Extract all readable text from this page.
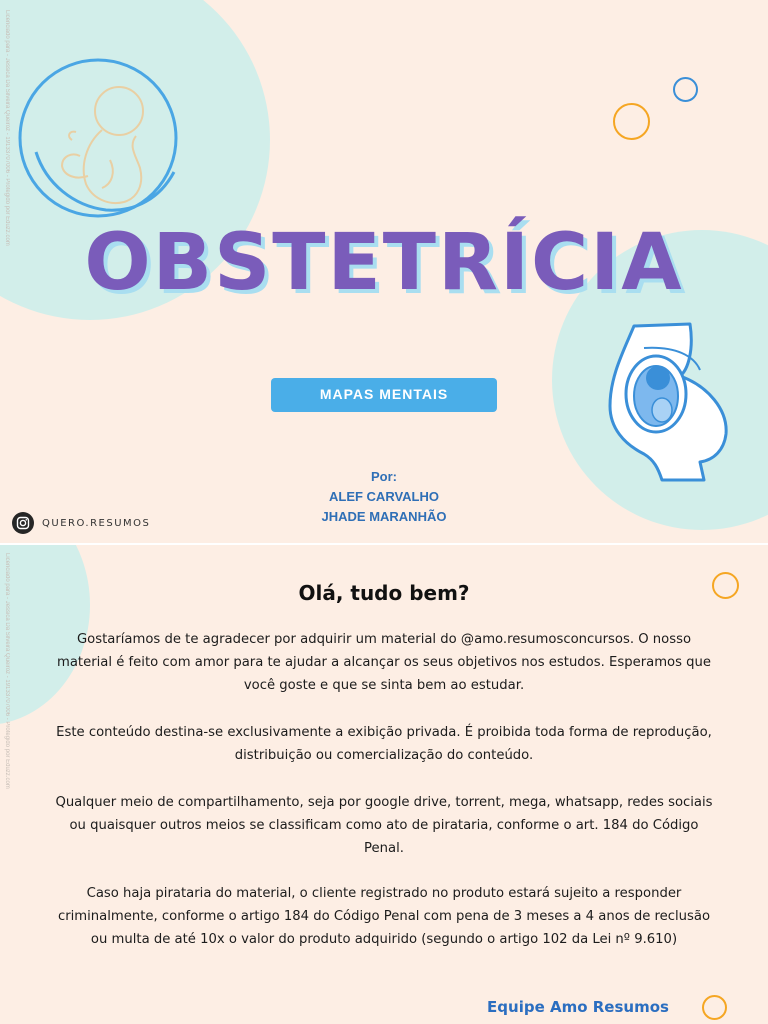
OBSTETRÍCIA
MAPAS MENTAIS
Por:
ALEF CARVALHO
JHADE MARANHÃO
QUERO.RESUMOS
Licenciado para - Jessica Da Silveira Queiroz - 19133707006 - Protegido por Eduzz.com
Licenciado para - Jessica Da Silveira Queiroz - 19133707006 - Protegido por Eduzz.com	Olá, tudo bem?

Gostaríamos de te agradecer por adquirir um material do @amo.resumosconcursos. O nosso material é feito com amor para te ajudar a alcançar os seus objetivos nos estudos. Esperamos que você goste e que se sinta bem ao estudar.

Este conteúdo destina-se exclusivamente a exibição privada. É proibida toda forma de reprodução, distribuição ou comercialização do conteúdo.

Qualquer meio de compartilhamento, seja por google drive, torrent, mega, whatsapp, redes sociais ou quaisquer outros meios se classificam como ato de pirataria, conforme o art. 184 do Código Penal.

Caso haja pirataria do material, o cliente registrado no produto estará sujeito a responder criminalmente, conforme o artigo 184 do Código Penal com pena de 3 meses a 4 anos de reclusão ou multa de até 10x o valor do produto adquirido (segundo o artigo 102 da Lei nº 9.610)

Equipe Amo Resumos
